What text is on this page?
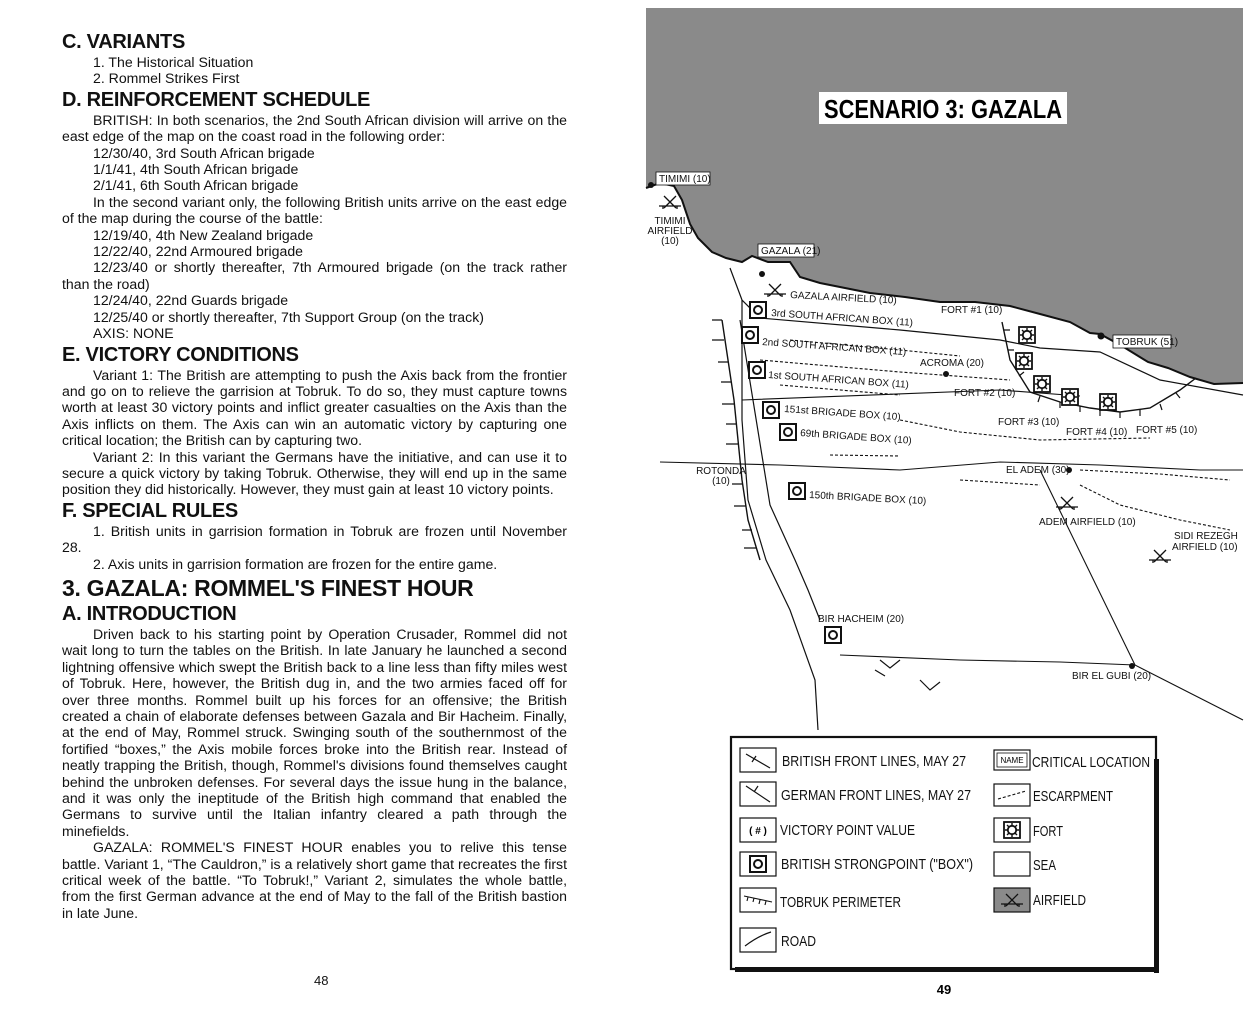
C. VARIANTS

1. The Historical Situation

2. Rommel Strikes First

D. REINFORCEMENT SCHEDULE

BRITISH: In both scenarios, the 2nd South African division will arrive on the east edge of the map on the coast road in the following order:

12/30/40, 3rd South African brigade

1/1/41, 4th South African brigade

2/1/41, 6th South African brigade

In the second variant only, the following British units arrive on the east edge of the map during the course of the battle:

12/19/40, 4th New Zealand brigade

12/22/40, 22nd Armoured brigade

12/23/40 or shortly thereafter, 7th Armoured brigade (on the track rather than the road)

12/24/40, 22nd Guards brigade

12/25/40 or shortly thereafter, 7th Support Group (on the track)

AXIS: NONE

E. VICTORY CONDITIONS

Variant 1: The British are attempting to push the Axis back from the frontier and go on to relieve the garrision at Tobruk. To do so, they must capture towns worth at least 30 victory points and inflict greater casualties on the Axis than the Axis inflicts on them. The Axis can win an automatic victory by capturing one critical location; the British can by capturing two.

Variant 2: In this variant the Germans have the initiative, and can use it to secure a quick victory by taking Tobruk. Otherwise, they will end up in the same position they did historically. However, they must gain at least 10 victory points.

F. SPECIAL RULES

1. British units in garrision formation in Tobruk are frozen until November 28.

2. Axis units in garrision formation are frozen for the entire game.

3. GAZALA: ROMMEL'S FINEST HOUR
A. INTRODUCTION

Driven back to his starting point by Operation Crusader, Rommel did not wait long to turn the tables on the British. In late January he launched a second lightning offensive which swept the British back to a line less than fifty miles west of Tobruk. Here, however, the British dug in, and the two armies faced off for over three months. Rommel built up his forces for an offensive; the British created a chain of elaborate defenses between Gazala and Bir Hacheim. Finally, at the end of May, Rommel struck. Swinging south of the southernmost of the fortified “boxes,” the Axis mobile forces broke into the British rear. Instead of neatly trapping the British, though, Rommel's divisions found themselves caught behind the unbroken defenses. For several days the issue hung in the balance, and it was only the ineptitude of the British high command that enabled the Germans to survive until the Italian infantry cleared a path through the minefields.

GAZALA: ROMMEL'S FINEST HOUR enables you to relive this tense battle. Variant 1, “The Cauldron,” is a relatively short game that recreates the first critical week of the battle. “To Tobruk!,” Variant 2, simulates the whole battle, from the first German advance at the end of May to the fall of the British bastion in late June.

48
SCENARIO 3: GAZALA
TIMIMI (10)
TIMIMI
AIRFIELD
(10)
GAZALA (21)
GAZALA AIRFIELD (10)
3rd SOUTH AFRICAN BOX (11)
2nd SOUTH AFRICAN BOX (11)
1st SOUTH AFRICAN BOX (11)
151st BRIGADE BOX (10)
69th BRIGADE BOX (10)
150th BRIGADE BOX (10)
ROTONDA
(10)
FORT #1 (10)
ACROMA (20)
FORT #2 (10)
FORT #3 (10)
FORT #4 (10) FORT #5 (10)
TOBRUK (51)
EL ADEM (30)
ADEM AIRFIELD (10)
SIDI REZEGH
AIRFIELD (10)
BIR HACHEIM (20)
BIR EL GUBI (20)
( # )
BRITISH FRONT LINES, MAY 27
GERMAN FRONT LINES, MAY 27
VICTORY POINT VALUE
BRITISH STRONGPOINT ("BOX")
TOBRUK PERIMETER
ROAD
NAME CRITICAL LOCATION
ESCARPMENT
FORT
SEA
AIRFIELD
49
